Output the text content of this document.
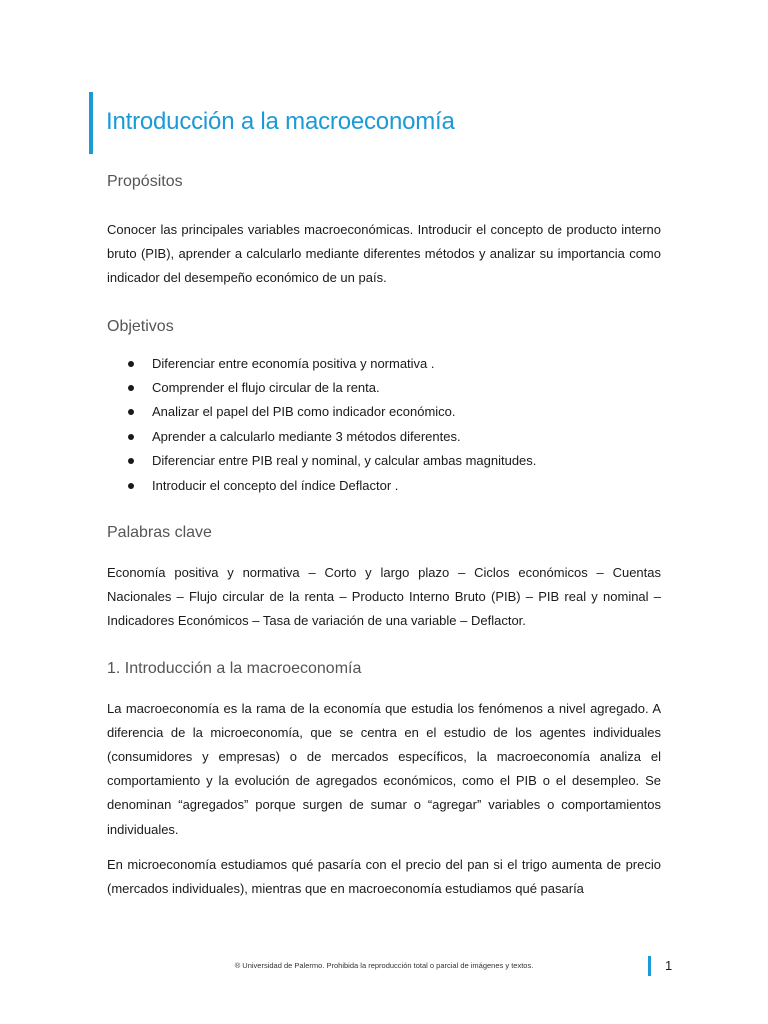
Introducción a la macroeconomía
Propósitos

Conocer las principales variables macroeconómicas. Introducir el concepto de producto interno bruto (PIB), aprender a calcularlo mediante diferentes métodos y analizar su importancia como indicador del desempeño económico de un país.

Objetivos
Diferenciar entre economía positiva y normativa .
Comprender el flujo circular de la renta.
Analizar el papel del PIB como indicador económico.
Aprender a calcularlo mediante 3 métodos diferentes.
Diferenciar entre PIB real y nominal, y calcular ambas magnitudes.
Introducir el concepto del índice Deflactor .
Palabras clave

Economía positiva y normativa – Corto y largo plazo – Ciclos económicos – Cuentas Nacionales – Flujo circular de la renta – Producto Interno Bruto (PIB) – PIB real y nominal – Indicadores Económicos – Tasa de variación de una variable – Deflactor.

1. Introducción a la macroeconomía

La macroeconomía es la rama de la economía que estudia los fenómenos a nivel agregado. A diferencia de la microeconomía, que se centra en el estudio de los agentes individuales (consumidores y empresas) o de mercados específicos, la macroeconomía analiza el comportamiento y la evolución de agregados económicos, como el PIB o el desempleo. Se denominan “agregados” porque surgen de sumar o “agregar” variables o comportamientos individuales.

En microeconomía estudiamos qué pasaría con el precio del pan si el trigo aumenta de precio (mercados individuales), mientras que en macroeconomía estudiamos qué pasaría

® Universidad de Palermo. Prohibida la reproducción total o parcial de imágenes y textos.	1
